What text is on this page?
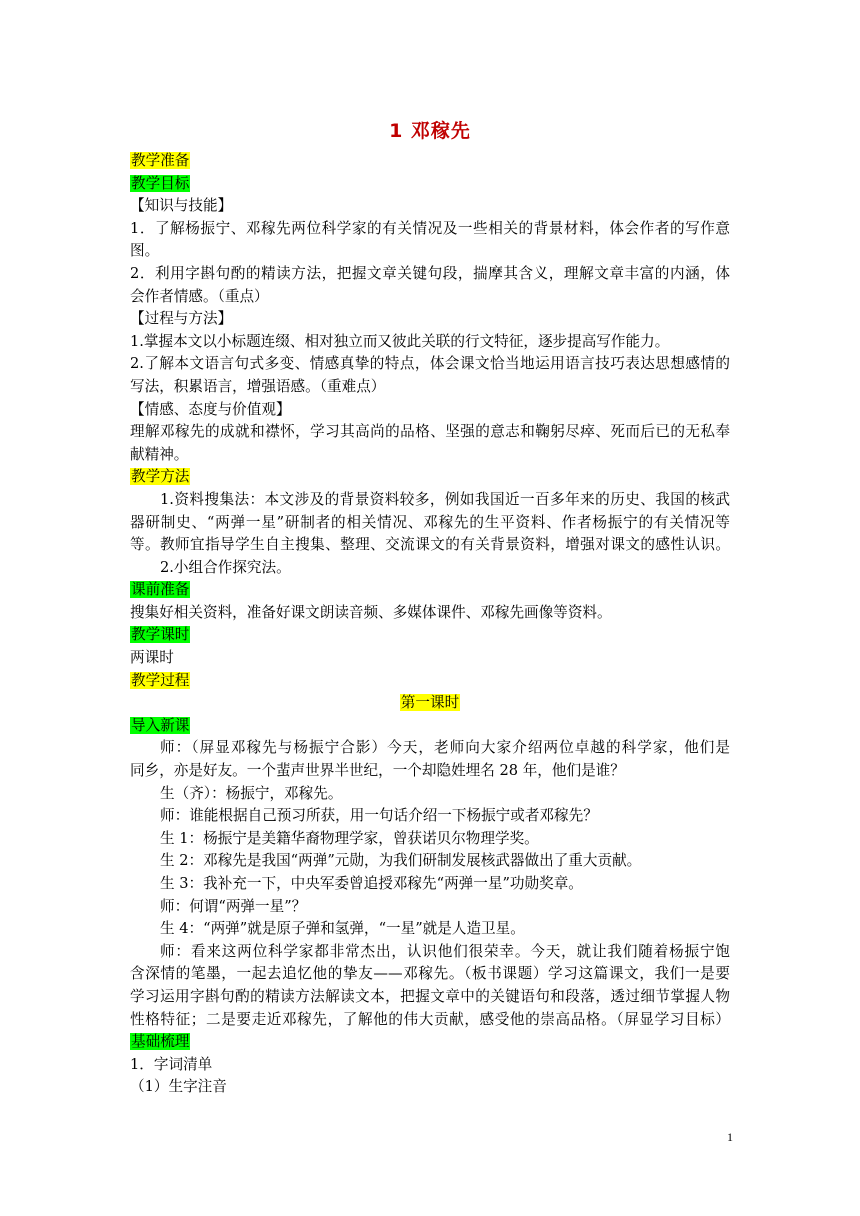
1 邓稼先
教学准备
教学目标
【知识与技能】
1．了解杨振宁、邓稼先两位科学家的有关情况及一些相关的背景材料，体会作者的写作意
图。
2．利用字斟句酌的精读方法，把握文章关键句段，揣摩其含义，理解文章丰富的内涵，体
会作者情感。（重点）
【过程与方法】
1.掌握本文以小标题连缀、相对独立而又彼此关联的行文特征，逐步提高写作能力。
2.了解本文语言句式多变、情感真挚的特点，体会课文恰当地运用语言技巧表达思想感情的
写法，积累语言，增强语感。（重难点）
【情感、态度与价值观】
理解邓稼先的成就和襟怀，学习其高尚的品格、坚强的意志和鞠躬尽瘁、死而后已的无私奉
献精神。
教学方法
1.资料搜集法：本文涉及的背景资料较多，例如我国近一百多年来的历史、我国的核武
器研制史、“两弹一星”研制者的相关情况、邓稼先的生平资料、作者杨振宁的有关情况等
等。教师宜指导学生自主搜集、整理、交流课文的有关背景资料，增强对课文的感性认识。
2.小组合作探究法。
课前准备
搜集好相关资料，准备好课文朗读音频、多媒体课件、邓稼先画像等资料。
教学课时
两课时
教学过程
第一课时
导入新课
师：（屏显邓稼先与杨振宁合影）今天，老师向大家介绍两位卓越的科学家，他们是
同乡，亦是好友。一个蜚声世界半世纪，一个却隐姓埋名 28 年，他们是谁？
生（齐）：杨振宁，邓稼先。
师：谁能根据自己预习所获，用一句话介绍一下杨振宁或者邓稼先？
生 1：杨振宁是美籍华裔物理学家，曾获诺贝尔物理学奖。
生 2：邓稼先是我国“两弹”元勋，为我们研制发展核武器做出了重大贡献。
生 3：我补充一下，中央军委曾追授邓稼先“两弹一星”功勋奖章。
师：何谓“两弹一星”？
生 4：“两弹”就是原子弹和氢弹，“一星”就是人造卫星。
师：看来这两位科学家都非常杰出，认识他们很荣幸。今天，就让我们随着杨振宁饱
含深情的笔墨，一起去追忆他的挚友——邓稼先。（板书课题）学习这篇课文，我们一是要
学习运用字斟句酌的精读方法解读文本，把握文章中的关键语句和段落，透过细节掌握人物
性格特征；二是要走近邓稼先，了解他的伟大贡献，感受他的崇高品格。（屏显学习目标）
基础梳理
1．字词清单
（1）生字注音
1
